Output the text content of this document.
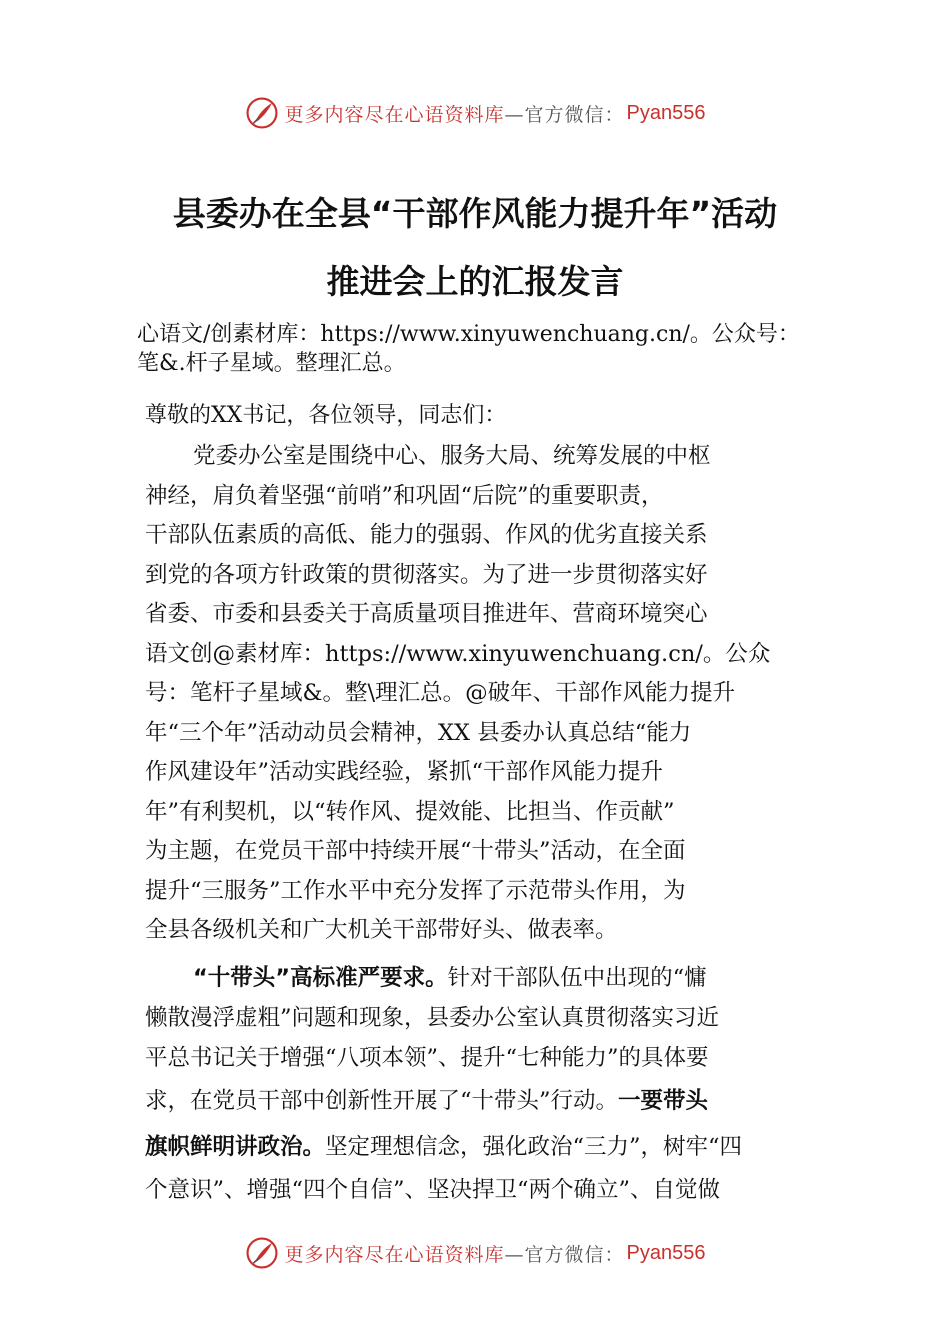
更多内容尽在心语资料库 —官方微信： Pyan556
县委办在全县“干部作风能力提升年”活动
推进会上的汇报发言
心语文/创素材库：https://www.xinyuwenchuang.cn/。公众号：
笔&.杆子星域。整理汇总。
尊敬的XX书记，各位领导，同志们：
党委办公室是围绕中心、服务大局、统筹发展的中枢
神经，肩负着坚强“前哨”和巩固“后院”的重要职责，
干部队伍素质的高低、能力的强弱、作风的优劣直接关系
到党的各项方针政策的贯彻落实。为了进一步贯彻落实好
省委、市委和县委关于高质量项目推进年、营商环境突心
语文创@素材库：https://www.xinyuwenchuang.cn/。公众
号：笔杆子星域&。整\理汇总。@破年、干部作风能力提升
年“三个年”活动动员会精神，XX 县委办认真总结“能力
作风建设年”活动实践经验，紧抓“干部作风能力提升
年”有利契机，以“转作风、提效能、比担当、作贡献”
为主题，在党员干部中持续开展“十带头”活动，在全面
提升“三服务”工作水平中充分发挥了示范带头作用，为
全县各级机关和广大机关干部带好头、做表率。
“十带头”高标准严要求。针对干部队伍中出现的“慵
懒散漫浮虚粗”问题和现象，县委办公室认真贯彻落实习近
平总书记关于增强“八项本领”、提升“七种能力”的具体要
求，在党员干部中创新性开展了“十带头”行动。一要带头
旗帜鲜明讲政治。坚定理想信念，强化政治“三力”，树牢“四
个意识”、增强“四个自信”、坚决捍卫“两个确立”、自觉做
更多内容尽在心语资料库 —官方微信： Pyan556
